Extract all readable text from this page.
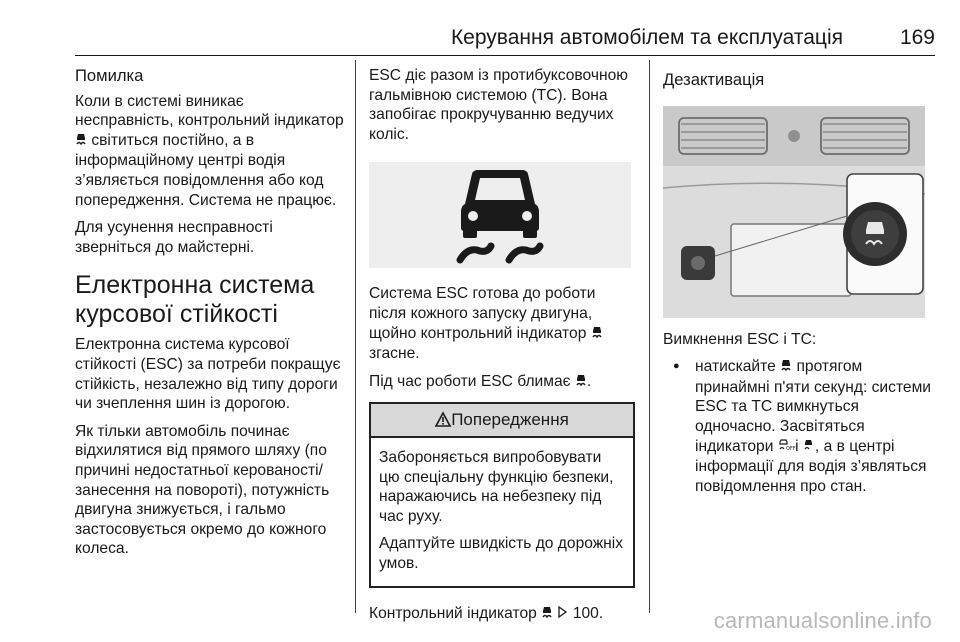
Керування автомобілем та експлуатація	169
Помилка

Коли в системі виникає несправність, контрольний індикатор  світиться постійно, а в інформаційному центрі водія з’являється повідомлення або код попередження. Система не працює.

Для усунення несправності зверніться до майстерні.

Електронна система курсової стійкості

Електронна система курсової стійкості (ESC) за потреби покращує стійкість, незалежно від типу дороги чи зчеплення шин із дорогою.

Як тільки автомобіль починає відхилятися від прямого шляху (по причині недостатньої керованості/занесення на повороті), потужність двигуна знижується, і гальмо застосовується окремо до кожного колеса.

ESC діє разом із протибуксовочною гальмівною системою (TC). Вона запобігає прокручуванню ведучих коліс.

Система ESC готова до роботи після кожного запуску двигуна, щойно контрольний індикатор  згасне.

Під час роботи ESC блимає .

Попередження

Забороняється випробовувати цю спеціальну функцію безпеки, наражаючись на небезпеку під час руху.

Адаптуйте швидкість до дорожніх умов.

Контрольний індикатор 100.

Дезактивація

Вимкнення ESC і TC:

● натискайте протягом принаймні п'яти секунд: системи ESC та TC вимкнуться одночасно. Засвітяться індикатори OFF і , а в центрі інформації для водія з’являться повідомлення про стан.
carmanualsonline.info
